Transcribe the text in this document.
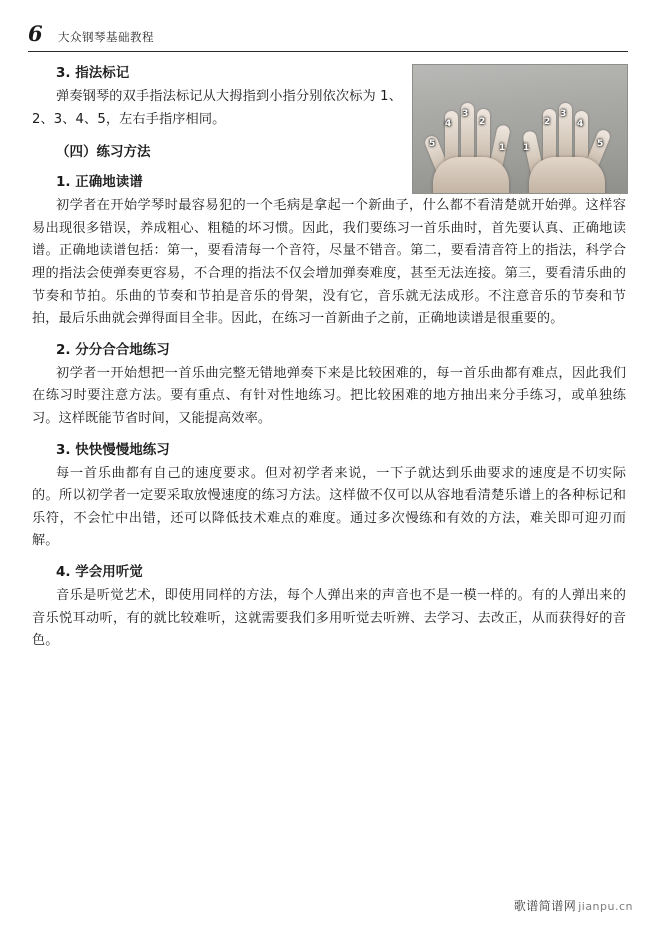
6 大众钢琴基础教程
5
4
3
2
1 1
2
3
4
5

3. 指法标记

弹奏钢琴的双手指法标记从大拇指到小指分别依次标为 1、2、3、4、5，左右手指序相同。

（四）练习方法

1. 正确地读谱

初学者在开始学琴时最容易犯的一个毛病是拿起一个新曲子，什么都不看清楚就开始弹。这样容易出现很多错误，养成粗心、粗糙的坏习惯。因此，我们要练习一首乐曲时，首先要认真、正确地读谱。正确地读谱包括：第一，要看清每一个音符，尽量不错音。第二，要看清音符上的指法，科学合理的指法会使弹奏更容易，不合理的指法不仅会增加弹奏难度，甚至无法连接。第三，要看清乐曲的节奏和节拍。乐曲的节奏和节拍是音乐的骨架，没有它，音乐就无法成形。不注意音乐的节奏和节拍，最后乐曲就会弹得面目全非。因此，在练习一首新曲子之前，正确地读谱是很重要的。

2. 分分合合地练习

初学者一开始想把一首乐曲完整无错地弹奏下来是比较困难的，每一首乐曲都有难点，因此我们在练习时要注意方法。要有重点、有针对性地练习。把比较困难的地方抽出来分手练习，或单独练习。这样既能节省时间，又能提高效率。

3. 快快慢慢地练习

每一首乐曲都有自己的速度要求。但对初学者来说，一下子就达到乐曲要求的速度是不切实际的。所以初学者一定要采取放慢速度的练习方法。这样做不仅可以从容地看清楚乐谱上的各种标记和乐符，不会忙中出错，还可以降低技术难点的难度。通过多次慢练和有效的方法，难关即可迎刃而解。

4. 学会用听觉

音乐是听觉艺术，即使用同样的方法，每个人弹出来的声音也不是一模一样的。有的人弹出来的音乐悦耳动听，有的就比较难听，这就需要我们多用听觉去听辨、去学习、去改正，从而获得好的音色。

歌谱简谱网 jianpu.cn
